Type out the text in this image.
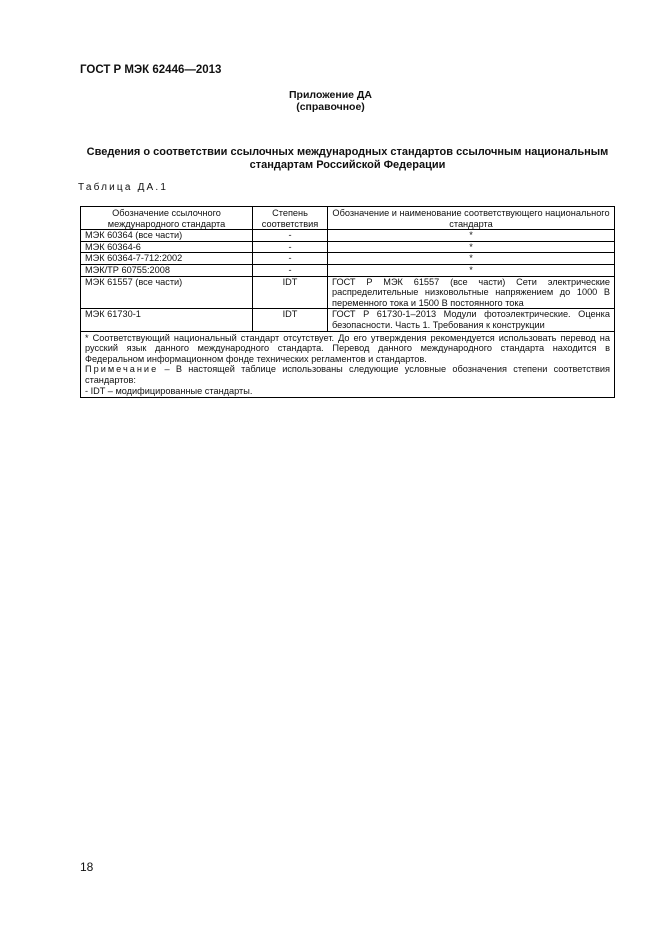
ГОСТ Р МЭК 62446—2013
Приложение ДА
(справочное)
Сведения о соответствии ссылочных международных стандартов ссылочным национальным стандартам Российской Федерации
Таблица ДА.1
Обозначение ссылочного международного стандарта	Степень соответствия	Обозначение и наименование соответствующего национального стандарта
МЭК 60364 (все части)	-	*
МЭК 60364-6	-	*
МЭК 60364-7-712:2002	-	*
МЭК/ТР 60755:2008	-	*
МЭК 61557 (все части)	IDT	ГОСТ Р МЭК 61557 (все части) Сети электрические распределительные низковольтные напряжением до 1000 В переменного тока и 1500 В постоянного тока
МЭК 61730-1	IDT	ГОСТ Р 61730-1–2013 Модули фотоэлектрические. Оценка безопасности. Часть 1. Требования к конструкции

* Соответствующий национальный стандарт отсутствует. До его утверждения рекомендуется использовать перевод на русский язык данного международного стандарта. Перевод данного международного стандарта находится в Федеральном информационном фонде технических регламентов и стандартов.
Примечание – В настоящей таблице использованы следующие условные обозначения степени соответствия стандартов:
- IDT – модифицированные стандарты.		
18
